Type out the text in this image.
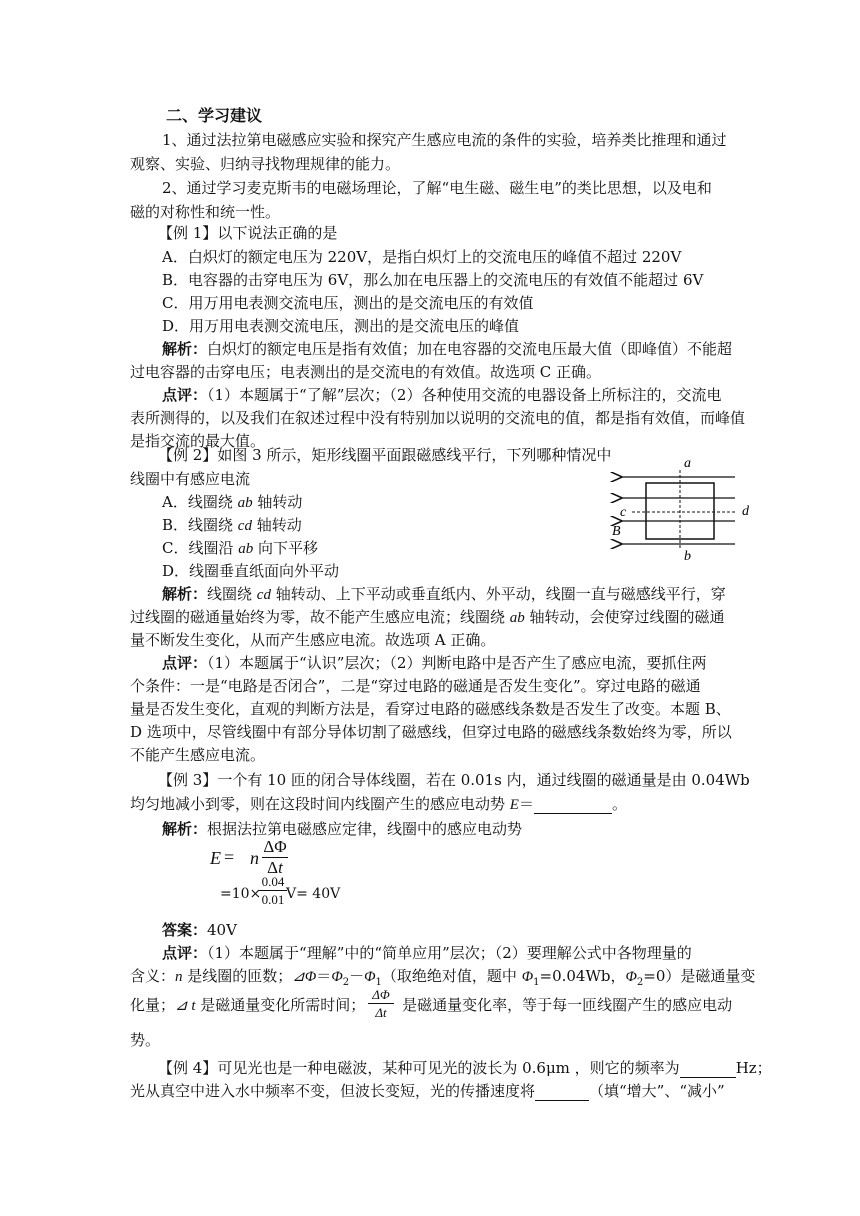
二、学习建议
1、通过法拉第电磁感应实验和探究产生感应电流的条件的实验，培养类比推理和通过
观察、实验、归纳寻找物理规律的能力。
2、通过学习麦克斯韦的电磁场理论，了解“电生磁、磁生电”的类比思想，以及电和
磁的对称性和统一性。
【例 1】以下说法正确的是
A．白炽灯的额定电压为 220V，是指白炽灯上的交流电压的峰值不超过 220V
B．电容器的击穿电压为 6V，那么加在电压器上的交流电压的有效值不能超过 6V
C．用万用电表测交流电压，测出的是交流电压的有效值
D．用万用电表测交流电压，测出的是交流电压的峰值
解析：白炽灯的额定电压是指有效值；加在电容器的交流电压最大值（即峰值）不能超
过电容器的击穿电压；电表测出的是交流电的有效值。故选项 C 正确。
点评：（1）本题属于“了解”层次；（2）各种使用交流的电器设备上所标注的，交流电
表所测得的，以及我们在叙述过程中没有特别加以说明的交流电的值，都是指有效值，而峰值
是指交流的最大值。
【例 2】如图 3 所示，矩形线圈平面跟磁感线平行，下列哪种情况中
线圈中有感应电流
A．线圈绕 ab 轴转动
B．线圈绕 cd 轴转动
C．线圈沿 ab 向下平移
D．线圈垂直纸面向外平动
a
b
c	d
B
解析：线圈绕 cd 轴转动、上下平动或垂直纸内、外平动，线圈一直与磁感线平行，穿
过线圈的磁通量始终为零，故不能产生感应电流；线圈绕 ab 轴转动，会使穿过线圈的磁通
量不断发生变化，从而产生感应电流。故选项 A 正确。
点评：（1）本题属于“认识”层次；（2）判断电路中是否产生了感应电流，要抓住两
个条件：一是“电路是否闭合”，二是“穿过电路的磁通是否发生变化”。穿过电路的磁通
量是否发生变化，直观的判断方法是，看穿过电路的磁感线条数是否发生了改变。本题 B、
D 选项中，尽管线圈中有部分导体切割了磁感线，但穿过电路的磁感线条数始终为零，所以
不能产生感应电流。
【例 3】一个有 10 匝的闭合导体线圈，若在 0.01s 内，通过线圈的磁通量是由 0.04Wb
均匀地减小到零，则在这段时间内线圈产生的感应电动势 E＝	。
解析：根据法拉第电磁感应定律，线圈中的感应电动势
E = n
ΔΦ
Δt
=10×
0.04
0.01 V= 40V
答案：40V
点评：（1）本题属于“理解”中的“简单应用”层次；（2）要理解公式中各物理量的
含义：n 是线圈的匝数；$⊿\Phi=\Phi_2-\Phi_1$（取绝绝对值，题中 $\Phi_1=0.04Wb$，$\Phi_2=0$）是磁通量变
化量；⊿ t 是磁通量变化所需时间； 是磁通量变化率，等于每一匝线圈产生的感应电动
ΔΦ
Δt
势。
【例 4】可见光也是一种电磁波，某种可见光的波长为 0.6μm ，则它的频率为	Hz；
光从真空中进入水中频率不变，但波长变短，光的传播速度将	（填“增大”、“减小”
